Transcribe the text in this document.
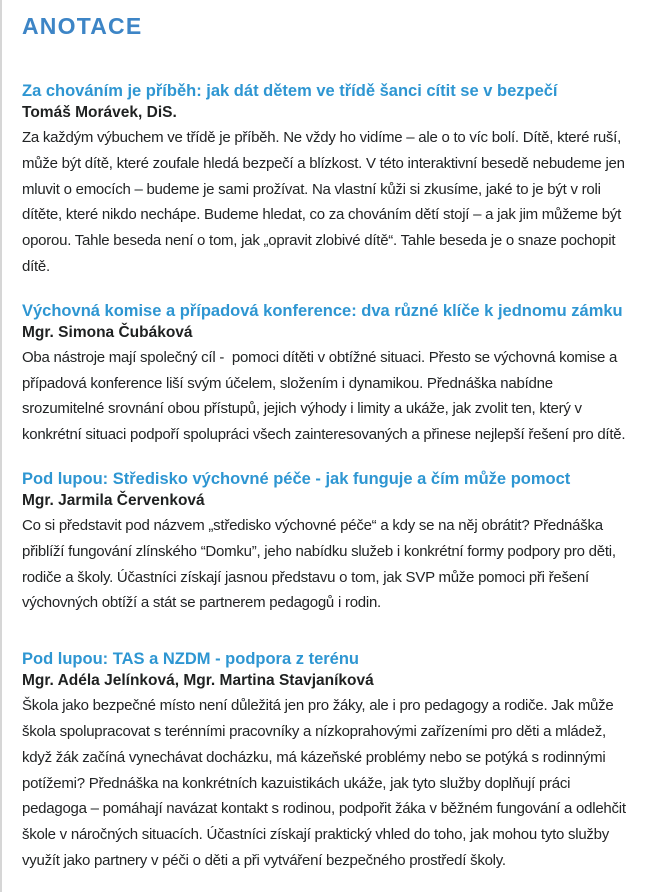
ANOTACE
Za chováním je příběh: jak dát dětem ve třídě šanci cítit se v bezpečí

Tomáš Morávek, DiS.

Za každým výbuchem ve třídě je příběh. Ne vždy ho vidíme – ale o to víc bolí. Dítě, které ruší, může být dítě, které zoufale hledá bezpečí a blízkost. V této interaktivní besedě nebudeme jen mluvit o emocích – budeme je sami prožívat. Na vlastní kůži si zkusíme, jaké to je být v roli dítěte, které nikdo nechápe. Budeme hledat, co za chováním dětí stojí – a jak jim můžeme být oporou. Tahle beseda není o tom, jak „opravit zlobivé dítě“. Tahle beseda je o snaze pochopit dítě.

Výchovná komise a případová konference: dva různé klíče k jednomu zámku

Mgr. Simona Čubáková

Oba nástroje mají společný cíl -  pomoci dítěti v obtížné situaci. Přesto se výchovná komise a případová konference liší svým účelem, složením i dynamikou. Přednáška nabídne srozumitelné srovnání obou přístupů, jejich výhody i limity a ukáže, jak zvolit ten, který v konkrétní situaci podpoří spolupráci všech zainteresovaných a přinese nejlepší řešení pro dítě.

Pod lupou: Středisko výchovné péče - jak funguje a čím může pomoct

Mgr. Jarmila Červenková

Co si představit pod názvem „středisko výchovné péče“ a kdy se na něj obrátit? Přednáška přiblíží fungování zlínského “Domku”, jeho nabídku služeb i konkrétní formy podpory pro děti, rodiče a školy. Účastníci získají jasnou představu o tom, jak SVP může pomoci při řešení výchovných obtíží a stát se partnerem pedagogů i rodin.

Pod lupou: TAS a NZDM - podpora z terénu

Mgr. Adéla Jelínková, Mgr. Martina Stavjaníková

Škola jako bezpečné místo není důležitá jen pro žáky, ale i pro pedagogy a rodiče. Jak může škola spolupracovat s terénními pracovníky a nízkoprahovými zařízeními pro děti a mládež, když žák začíná vynechávat docházku, má kázeňské problémy nebo se potýká s rodinnými potížemi? Přednáška na konkrétních kazuistikách ukáže, jak tyto služby doplňují práci pedagoga – pomáhají navázat kontakt s rodinou, podpořit žáka v běžném fungování a odlehčit škole v náročných situacích. Účastníci získají praktický vhled do toho, jak mohou tyto služby využít jako partnery v péči o děti a při vytváření bezpečného prostředí školy.
